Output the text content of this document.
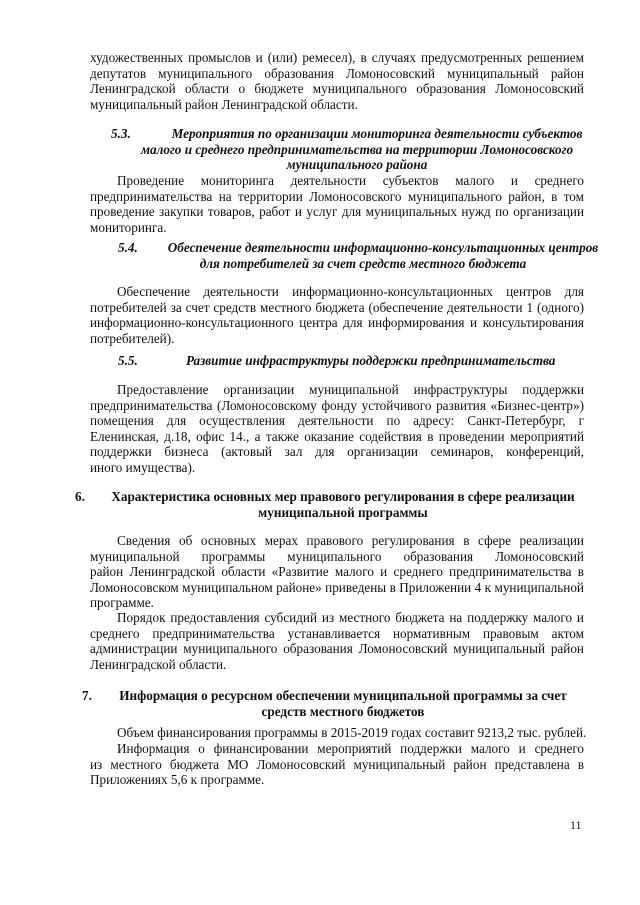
художественных промыслов и (или) ремесел), в случаях предусмотренных решением
депутатов муниципального образования Ломоносовский муниципальный район
Ленинградской области о бюджете муниципального образования Ломоносовский
муниципальный район Ленинградской области.
5.3.	Мероприятия по организации мониторинга деятельности субъектов
малого и среднего предпринимательства на территории Ломоносовского
муниципального района
Проведение мониторинга деятельности субъектов малого и среднего
предпринимательства на территории Ломоносовского муниципального район, в том
проведение закупки товаров, работ и услуг для муниципальных нужд по организации
мониторинга.
5.4.	Обеспечение деятельности информационно-консультационных центров
для потребителей за счет средств местного бюджета
Обеспечение деятельности информационно-консультационных центров для
потребителей за счет средств местного бюджета (обеспечение деятельности 1 (одного)
информационно-консультационного центра для информирования и консультирования
потребителей).
5.5.	Развитие инфраструктуры поддержки предпринимательства
Предоставление организации муниципальной инфраструктуры поддержки
предпринимательства (Ломоносовскому фонду устойчивого развития «Бизнес-центр»)
помещения для осуществления деятельности по адресу: Санкт-Петербург, г
Еленинская, д.18, офис 14., а также оказание содействия в проведении мероприятий
поддержки бизнеса (актовый зал для организации семинаров, конференций,
иного имущества).
6.	Характеристика основных мер правового регулирования в сфере реализации
муниципальной программы
Сведения об основных мерах правового регулирования в сфере реализации
муниципальной программы муниципального образования Ломоносовский
район Ленинградской области «Развитие малого и среднего предпринимательства в
Ломоносовском муниципальном районе» приведены в Приложении 4 к муниципальной
программе.
Порядок предоставления субсидий из местного бюджета на поддержку малого и
среднего предпринимательства устанавливается нормативным правовым актом
администрации муниципального образования Ломоносовский муниципальный район
Ленинградской области.
7.	Информация о ресурсном обеспечении муниципальной программы за счет
средств местного бюджетов
Объем финансирования программы в 2015-2019 годах составит 9213,2 тыс. рублей.
Информация о финансировании мероприятий поддержки малого и среднего
из местного бюджета МО Ломоносовский муниципальный район представлена в
Приложениях 5,6 к программе.
11
